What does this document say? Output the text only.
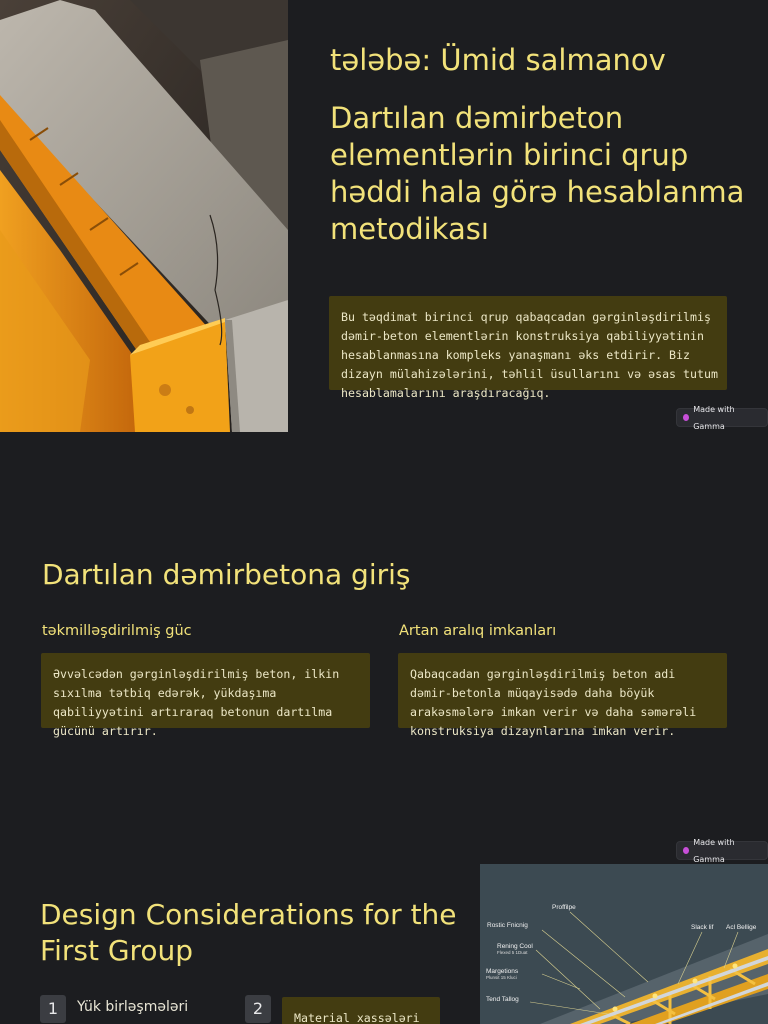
tələbə: Ümid salmanov
Dartılan dəmirbeton elementlərin birinci qrup həddi hala görə hesablanma metodikası
Bu təqdimat birinci qrup qabaqcadan gərginləşdirilmiş dəmir-beton elementlərin konstruksiya qabiliyyətinin hesablanmasına kompleks yanaşmanı əks etdirir. Biz dizayn mülahizələrini, təhlil üsullarını və əsas tutum hesablamalarını araşdıracağıq.
Made with Gamma
Dartılan dəmirbetona giriş
təkmilləşdirilmiş güc
Əvvəlcədən gərginləşdirilmiş beton, ilkin sıxılma tətbiq edərək, yükdaşıma qabiliyyətini artıraraq betonun dartılma gücünü artırır.
Artan aralıq imkanları
Qabaqcadan gərginləşdirilmiş beton adi dəmir-betonla müqayisədə daha böyük arakəsmələrə imkan verir və daha səmərəli konstruksiya dizaynlarına imkan verir.
Made with Gamma
Design Considerations for the First Group
1	Yük birləşmələri	2	Material xassələri
Proffilpe
Rostic Fnicnig
Rening Cool
Flexed 5 1Duat
Margetions
Plunsit 15 Kluci
Tend Tallog
Slack lif Acl Bellige
